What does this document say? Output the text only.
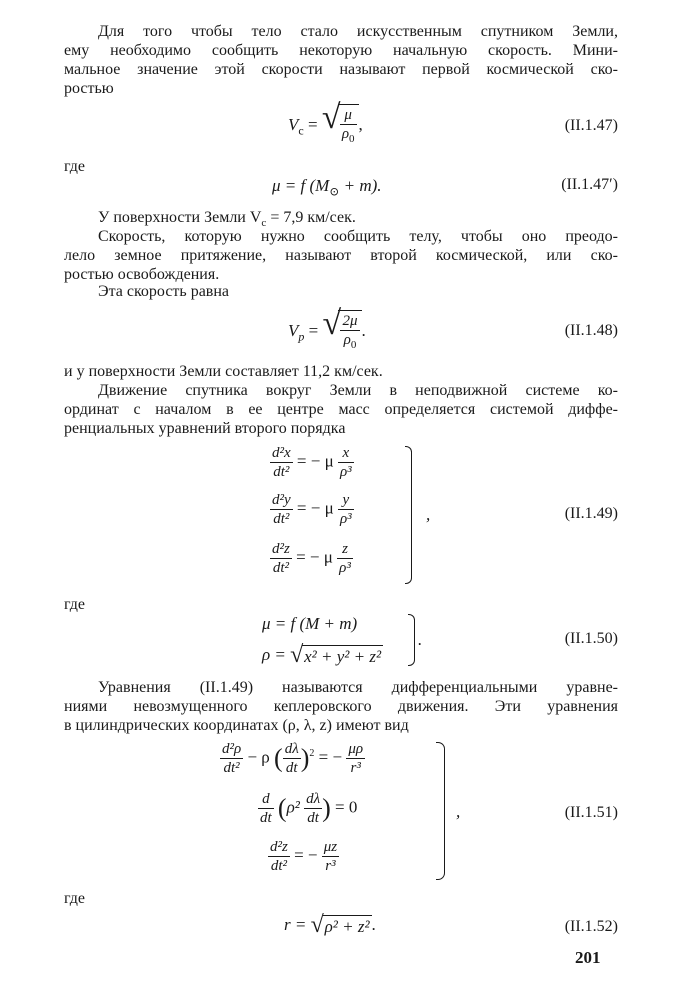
Для того чтобы тело стало искусственным спутником Земли,
ему необходимо сообщить некоторую начальную скорость. Мини-
мальное значение этой скорости называют первой космической ско-
ростью
$V_c$ = √ $\frac{\mu}{\rho_0}$ ,	(II.1.47)
где
μ = f $(M_⊙ + m)$.	(II.1.47′)
У поверхности Земли $V_c = 7,9$ км/сек.
Скорость, которую нужно сообщить телу, чтобы оно преодо-
лело земное притяжение, называют второй космической, или ско-
ростью освобождения.
Эта скорость равна
$V_p$ = √ $\frac{2\mu}{\rho_0}$ .	(II.1.48)
и у поверхности Земли составляет 11,2 км/сек.
Движение спутника вокруг Земли в неподвижной системе ко-
ординат с началом в ее центре масс определяется системой диффе-
ренциальных уравнений второго порядка
$\frac{\text{d²x}}{\text{dt²}}$ = − μ $\frac{x}{\text{ρ³}}$
$\frac{\text{d²y}}{\text{dt²}}$ = − μ $\frac{y}{\text{ρ³}}$
$\frac{\text{d²z}}{\text{dt²}}$ = − μ $\frac{z}{\text{ρ³}}$
,	(II.1.49)
где
μ = f (M + m)
ρ = √ x² + y² + z²
.	(II.1.50)
Уравнения (II.1.49) называются дифференциальными уравне-
ниями невозмущенного кеплеровского движения. Эти уравнения
в цилиндрических координатах (ρ, λ, z) имеют вид
$\frac{\text{d²ρ}}{\text{dt²}} - \rho$ ( $\frac{d\lambda}{dt} )^2$ = − $\frac{\mu\rho}{\text{r³}}$
$\frac{d}{dt} (\rho^2 \frac{d\lambda}{dt}$ ) = 0
$\frac{\text{d²z}}{\text{dt²}}$ = − $\frac{\mu z}{\text{r³}}$
,	(II.1.51)
где
r = √ ρ² + z² .	(II.1.52)
201
